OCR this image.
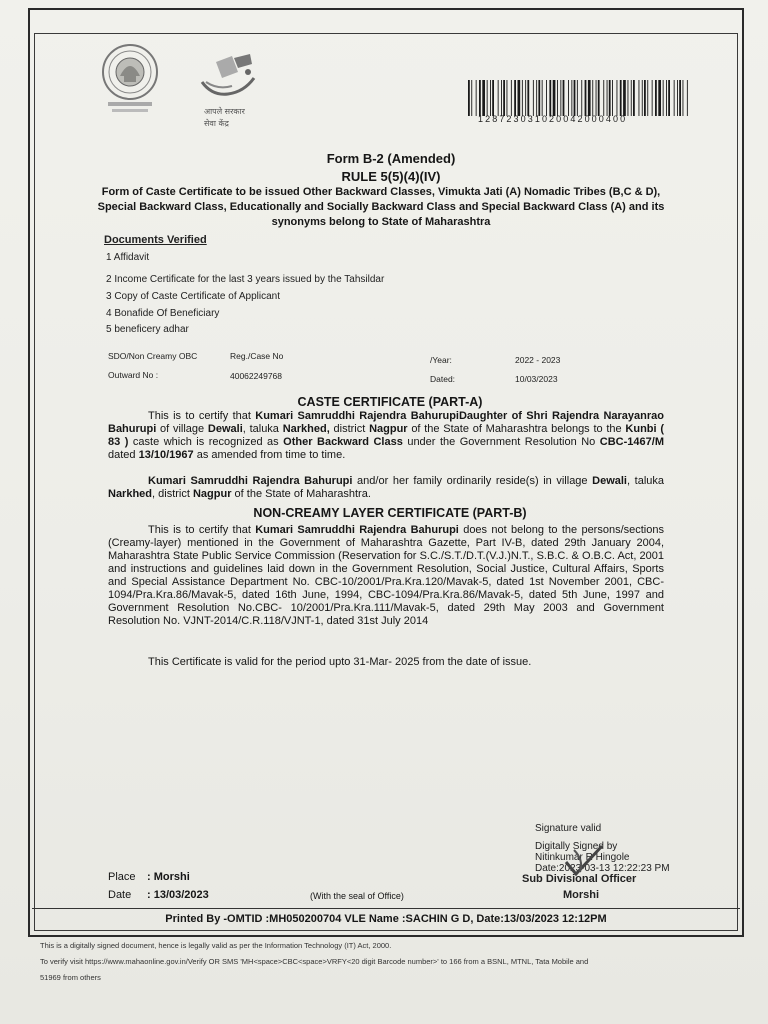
आपले सरकार
सेवा केंद्र	128723031020042000400
Form B-2 (Amended)
RULE 5(5)(4)(IV)
Form of Caste Certificate to be issued Other Backward Classes, Vimukta Jati (A) Nomadic Tribes (B,C & D), Special Backward Class, Educationally and Socially Backward Class and Special Backward Class (A) and its synonyms belong to State of Maharashtra
Documents Verified
1 Affidavit
2 Income Certificate for the last 3 years issued by the Tahsildar
3 Copy of Caste Certificate of Applicant
4 Bonafide Of Beneficiary
5 beneficery adhar
SDO/Non Creamy OBC	Reg./Case No	/Year:	2022 - 2023
Outward No :	40062249768	Dated:	10/03/2023
CASTE CERTIFICATE (PART-A)
This is to certify that Kumari Samruddhi Rajendra BahurupiDaughter of Shri Rajendra Narayanrao Bahurupi of village Dewali, taluka Narkhed, district Nagpur of the State of Maharashtra belongs to the Kunbi ( 83 ) caste which is recognized as Other Backward Class under the Government Resolution No CBC-1467/M dated 13/10/1967 as amended from time to time.
Kumari Samruddhi Rajendra Bahurupi and/or her family ordinarily reside(s) in village Dewali, taluka Narkhed, district Nagpur of the State of Maharashtra.
NON-CREAMY LAYER CERTIFICATE (PART-B)
This is to certify that Kumari Samruddhi Rajendra Bahurupi does not belong to the persons/sections (Creamy-layer) mentioned in the Government of Maharashtra Gazette, Part IV-B, dated 29th January 2004, Maharashtra State Public Service Commission (Reservation for S.C./S.T./D.T.(V.J.)N.T., S.B.C. & O.B.C. Act, 2001 and instructions and guidelines laid down in the Government Resolution, Social Justice, Cultural Affairs, Sports and Special Assistance Department No. CBC-10/2001/Pra.Kra.120/Mavak-5, dated 1st November 2001, CBC-1094/Pra.Kra.86/Mavak-5, dated 16th June, 1994, CBC-1094/Pra.Kra.86/Mavak-5, dated 5th June, 1997 and Government Resolution No.CBC- 10/2001/Pra.Kra.111/Mavak-5, dated 29th May 2003 and Government Resolution No. VJNT-2014/C.R.118/VJNT-1, dated 31st July 2014
This Certificate is valid for the period upto 31-Mar- 2025 from the date of issue.
Signature valid
Digitally Signed by
Nitinkumar R Hingole
Date:2023-03-13 12:22:23 PM
Sub Divisional Officer
Morshi
Place : Morshi
Date : 13/03/2023	(With the seal of Office)
Printed By -OMTID :MH050200704 VLE Name :SACHIN G D, Date:13/03/2023 12:12PM
This is a digitally signed document, hence is legally valid as per the Information Technology (IT) Act, 2000.
To verify visit https://www.mahaonline.gov.in/Verify OR SMS 'MH<space>CBC<space>VRFY<20 digit Barcode number>' to 166 from a BSNL, MTNL, Tata Mobile and
51969 from others
